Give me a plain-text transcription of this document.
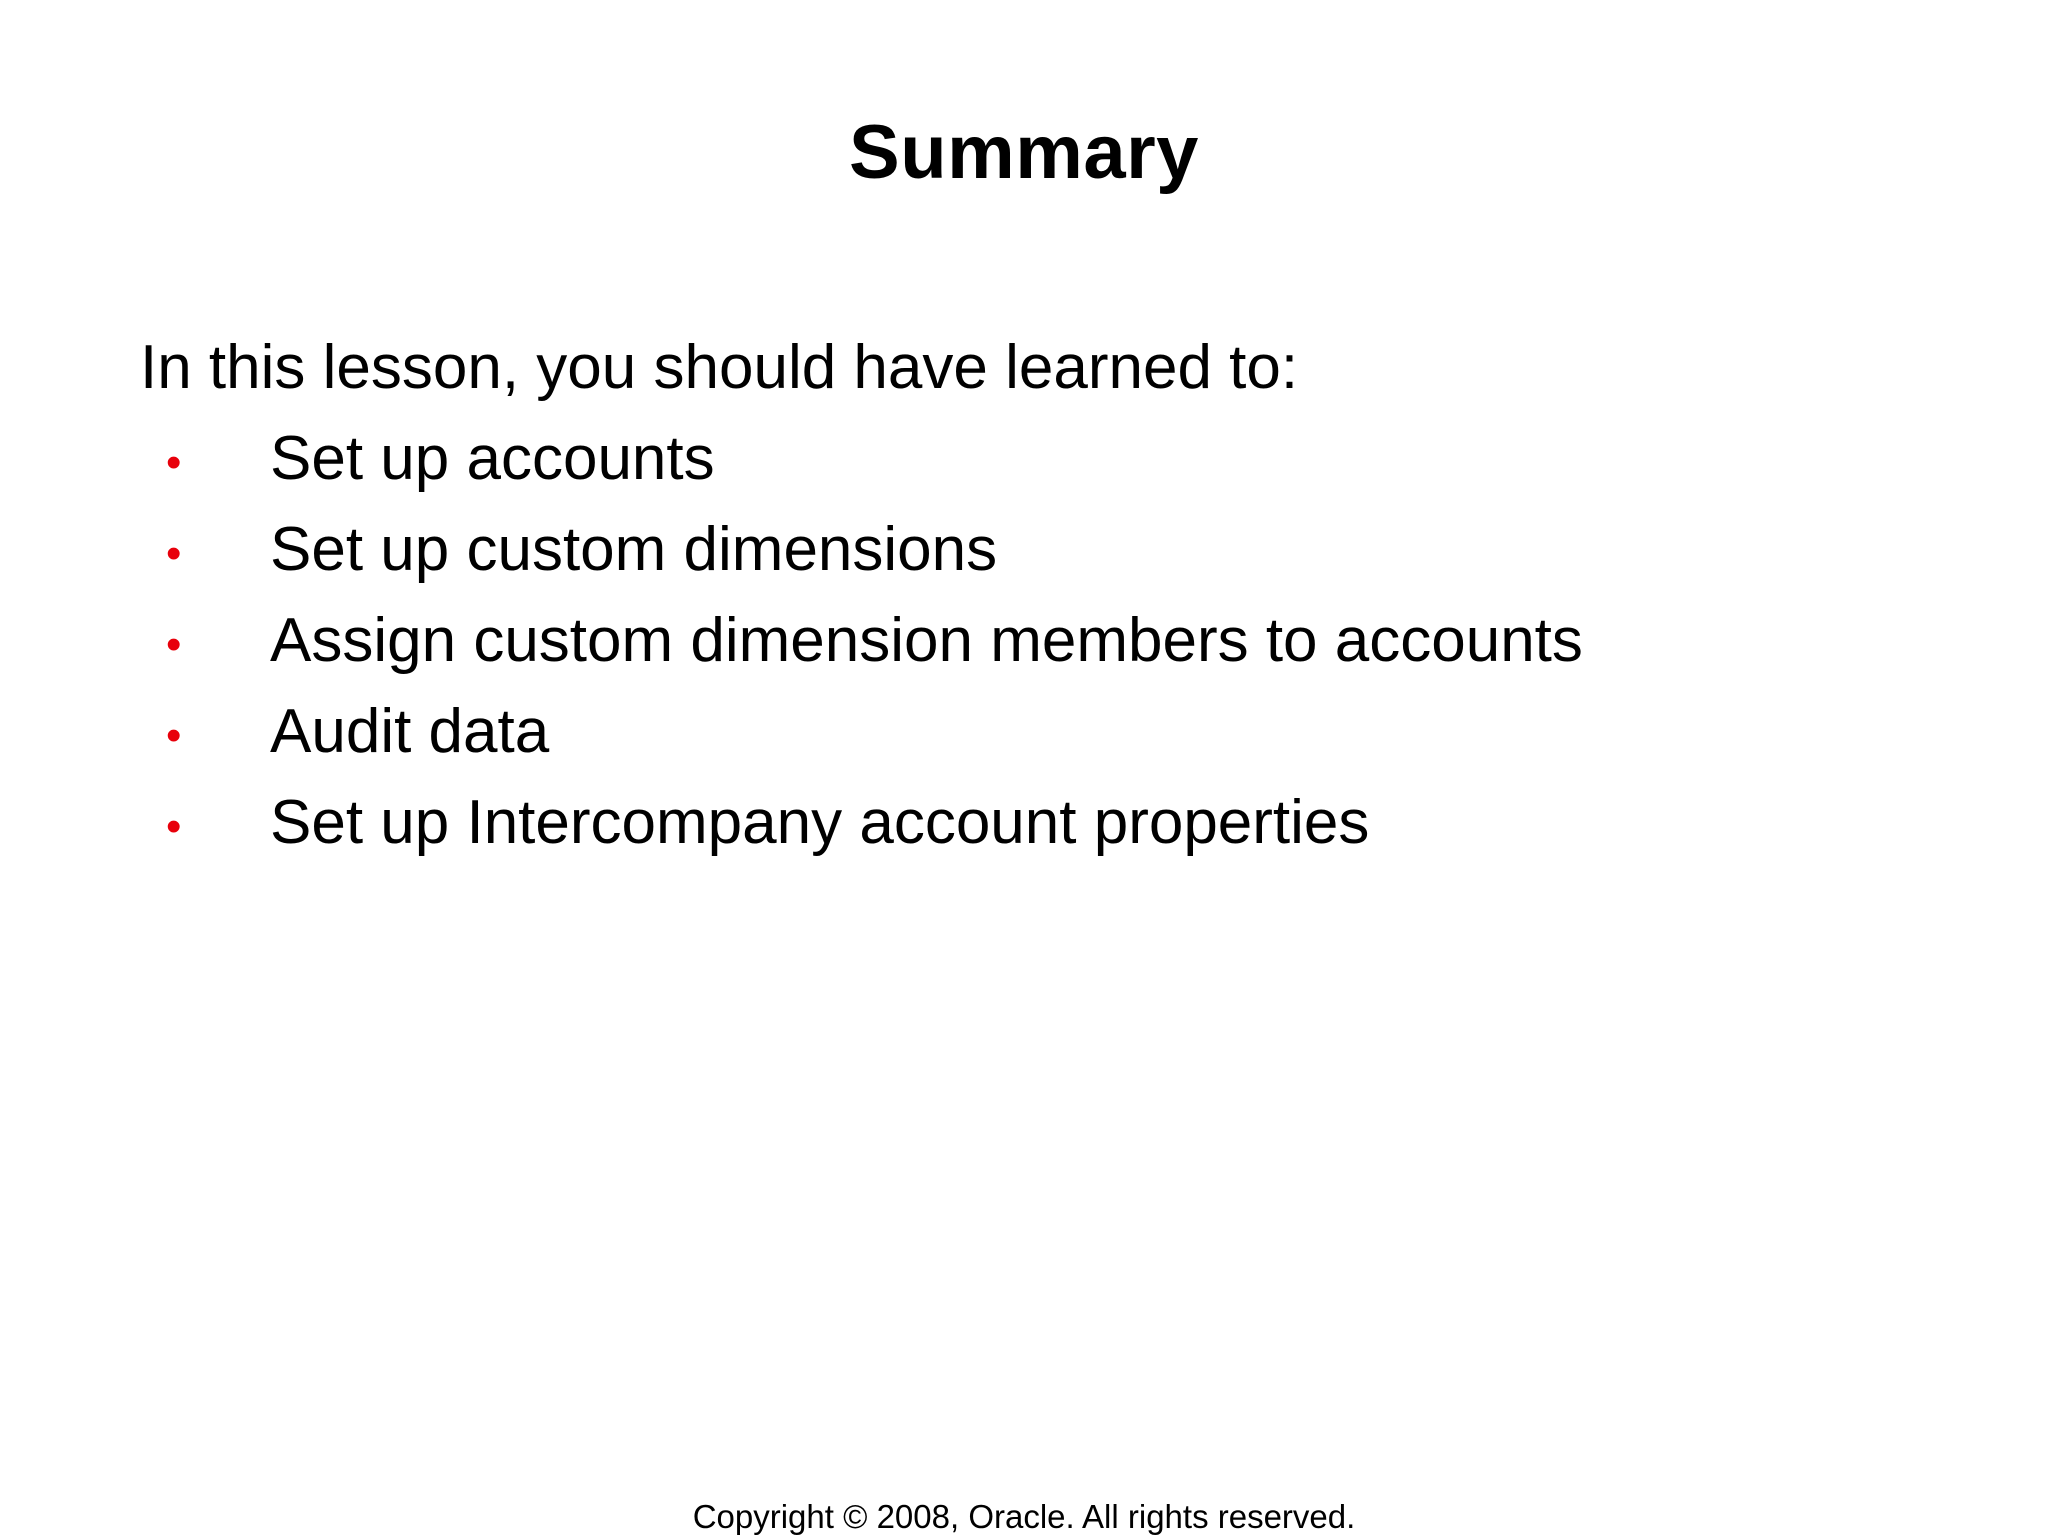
Summary
In this lesson, you should have learned to:
• Set up accounts
• Set up custom dimensions
• Assign custom dimension members to accounts
• Audit data
• Set up Intercompany account properties
Copyright © 2008, Oracle. All rights reserved.
